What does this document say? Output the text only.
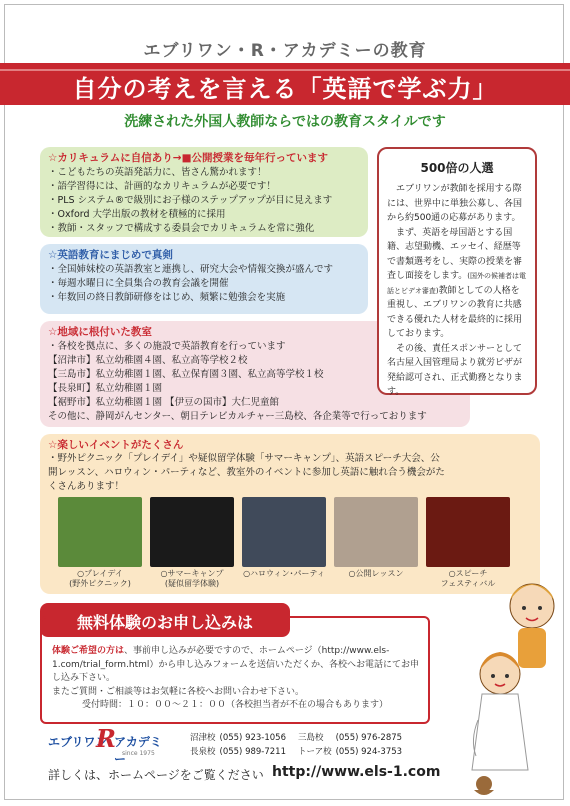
エブリワン・R・アカデミーの教育
自分の考えを言える「英語で学ぶ力」
洗練された外国人教師ならではの教育スタイルです
☆カリキュラムに自信あり→■公開授業を毎年行っています
・こどもたちの英語発話力に、皆さん驚かれます！
・語学習得には、計画的なカリキュラムが必要です！
・PLS システム®で級別にお子様のステップアップが目に見えます
・Oxford 大学出版の教材を積極的に採用
・教師・スタッフで構成する委員会でカリキュラムを常に強化
☆英語教育にまじめで真剣
・全国姉妹校の英語教室と連携し、研究大会や情報交換が盛んです
・毎週水曜日に全員集合の教育会議を開催
・年数回の終日教師研修をはじめ、頻繁に勉強会を実施
☆地域に根付いた教室
・各校を拠点に、多くの施設で英語教育を行っています
【沼津市】私立幼稚園４園、私立高等学校２校
【三島市】私立幼稚園１園、私立保育園３園、私立高等学校１校
【長泉町】私立幼稚園１園
【裾野市】私立幼稚園１園 【伊豆の国市】大仁児童館
その他に、静岡がんセンター、朝日テレビカルチャー三島校、各企業等で行っております
500倍の人選
　エブリワンが教師を採用する際には、世界中に単独公募し、各国から約500通の応募があります。
　まず、英語を母国語とする国籍、志望動機、エッセイ、経歴等で書類選考をし、実際の授業を審査し面接をします。(国外の候補者は電話とビデオ審査)教師としての人格を重視し、エブリワンの教育に共感できる優れた人材を最終的に採用しております。
　その後、責任スポンサーとして名古屋入国管理局より就労ビザが発給認可され、正式勤務となります。
☆楽しいイベントがたくさん
・野外ピクニック「プレイデイ」や疑似留学体験「サマーキャンプ」、英語スピーチ大会、公開レッスン、ハロウィン・パーティなど、教室外のイベントに参加し英語に触れ合う機会がたくさんあります！
○プレイデイ
(野外ピクニック)
○サマーキャンプ
(疑似留学体験)
○ハロウィン･パーティ	○公開レッスン	○スピーチ
フェスティバル
無料体験のお申し込みは
体験ご希望の方は、事前申し込みが必要ですので、ホームページ（http://www.els-1.com/trial_form.html）から申し込みフォームを送信いただくか、各校へお電話にてお申し込み下さい。
またご質問・ご相談等はお気軽に各校へお問い合わせ下さい。
受付時間：１０：００～２１：００（各校担当者が不在の場合もあります）
エブリワン
R
アカデミー
since 1975
沼津校	(055) 923-1056	三島校	(055) 976-2875
長泉校	(055) 989-7211	トーア校	(055) 924-3753
詳しくは、ホームページをご覧ください http://www.els-1.com
